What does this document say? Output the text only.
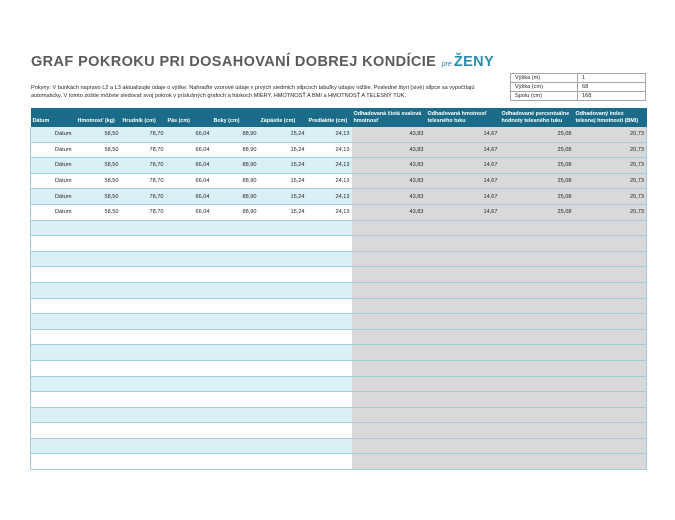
GRAF POKROKU PRI DOSAHOVANÍ DOBREJ KONDÍCIE pre ŽENY
Pokyny: V bunkách napravo L2 a L3 aktualizujte údaje o výške. Nahraďte vzorové údaje v prvých siedmich stĺpcoch tabuľky údajov nižšie. Posledné štyri (sivé) stĺpce sa vypočítajú automaticky. V tomto zošite môžete sledovať svoj pokrok v príslušných grafoch a hárkoch MIERY, HMOTNOSŤ A BMI a HMOTNOSŤ A TELESNÝ TUK.
Výška (m)	1
Výška (cm)	68
Spolu (cm)	168
Dátum	Hmotnosť (kg)	Hrudník (cm)	Pás (cm)	Boky (cm)	Zápästie (cm)	Predlaktie (cm)	Odhadovaná čistá svalová hmotnosť	Odhadovaná hmotnosť telesného tuku	Odhadované percentuálne hodnoty telesného tuku	Odhadovaný index telesnej hmotnosti (BMI)
Dátum	58,50	78,70	66,04	88,90	15,24	24,13	43,83	14,67	25,08	20,73
Dátum	58,50	78,70	66,04	88,90	15,24	24,13	43,83	14,67	25,08	20,73
Dátum	58,50	78,70	66,04	88,90	15,24	24,13	43,83	14,67	25,08	20,73
Dátum	58,50	78,70	66,04	88,90	15,24	24,13	43,83	14,67	25,08	20,73
Dátum	58,50	78,70	66,04	88,90	15,24	24,13	43,83	14,67	25,08	20,73
Dátum	58,50	78,70	66,04	88,90	15,24	24,13	43,83	14,67	25,08	20,73
